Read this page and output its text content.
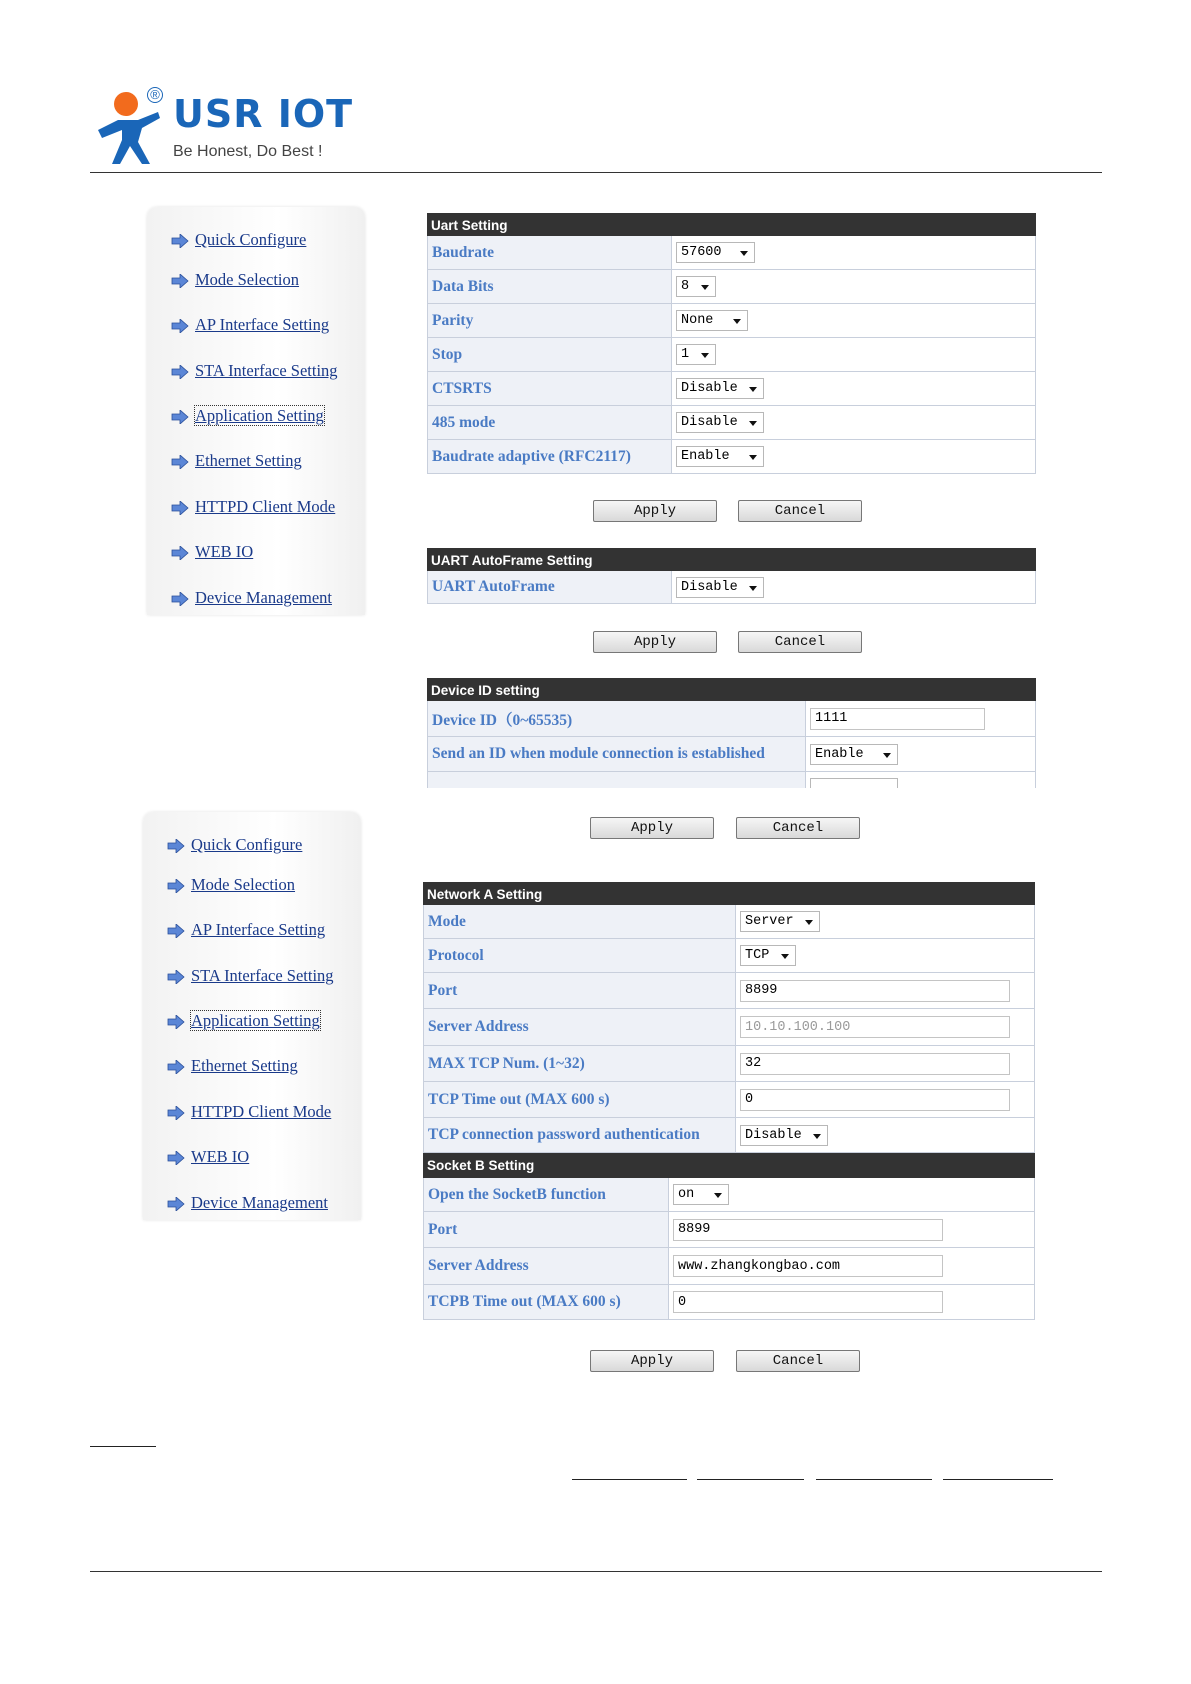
® USR IOT
Be Honest, Do Best !
Quick Configure
Mode Selection
AP Interface Setting
STA Interface Setting
Application Setting
Ethernet Setting
HTTPD Client Mode
WEB IO
Device Management
Uart Setting
Baudrate	57600
Data Bits	8
Parity	None
Stop	1
CTSRTS	Disable
485 mode	Disable
Baudrate adaptive (RFC2117)	Enable
Apply	Cancel
UART AutoFrame Setting
UART AutoFrame	Disable
Apply	Cancel
Device ID setting
Device ID（0~65535)	1111
Send an ID when module connection is established	Enable
Quick Configure
Mode Selection
AP Interface Setting
STA Interface Setting
Application Setting
Ethernet Setting
HTTPD Client Mode
WEB IO
Device Management
Apply	Cancel
Network A Setting
Mode	Server
Protocol	TCP
Port	8899
Server Address	10.10.100.100
MAX TCP Num. (1~32)	32
TCP Time out (MAX 600 s)	0
TCP connection password authentication	Disable
Socket B Setting
Open the SocketB function	on
Port	8899
Server Address	www.zhangkongbao.com
TCPB Time out (MAX 600 s)	0
Apply	Cancel
